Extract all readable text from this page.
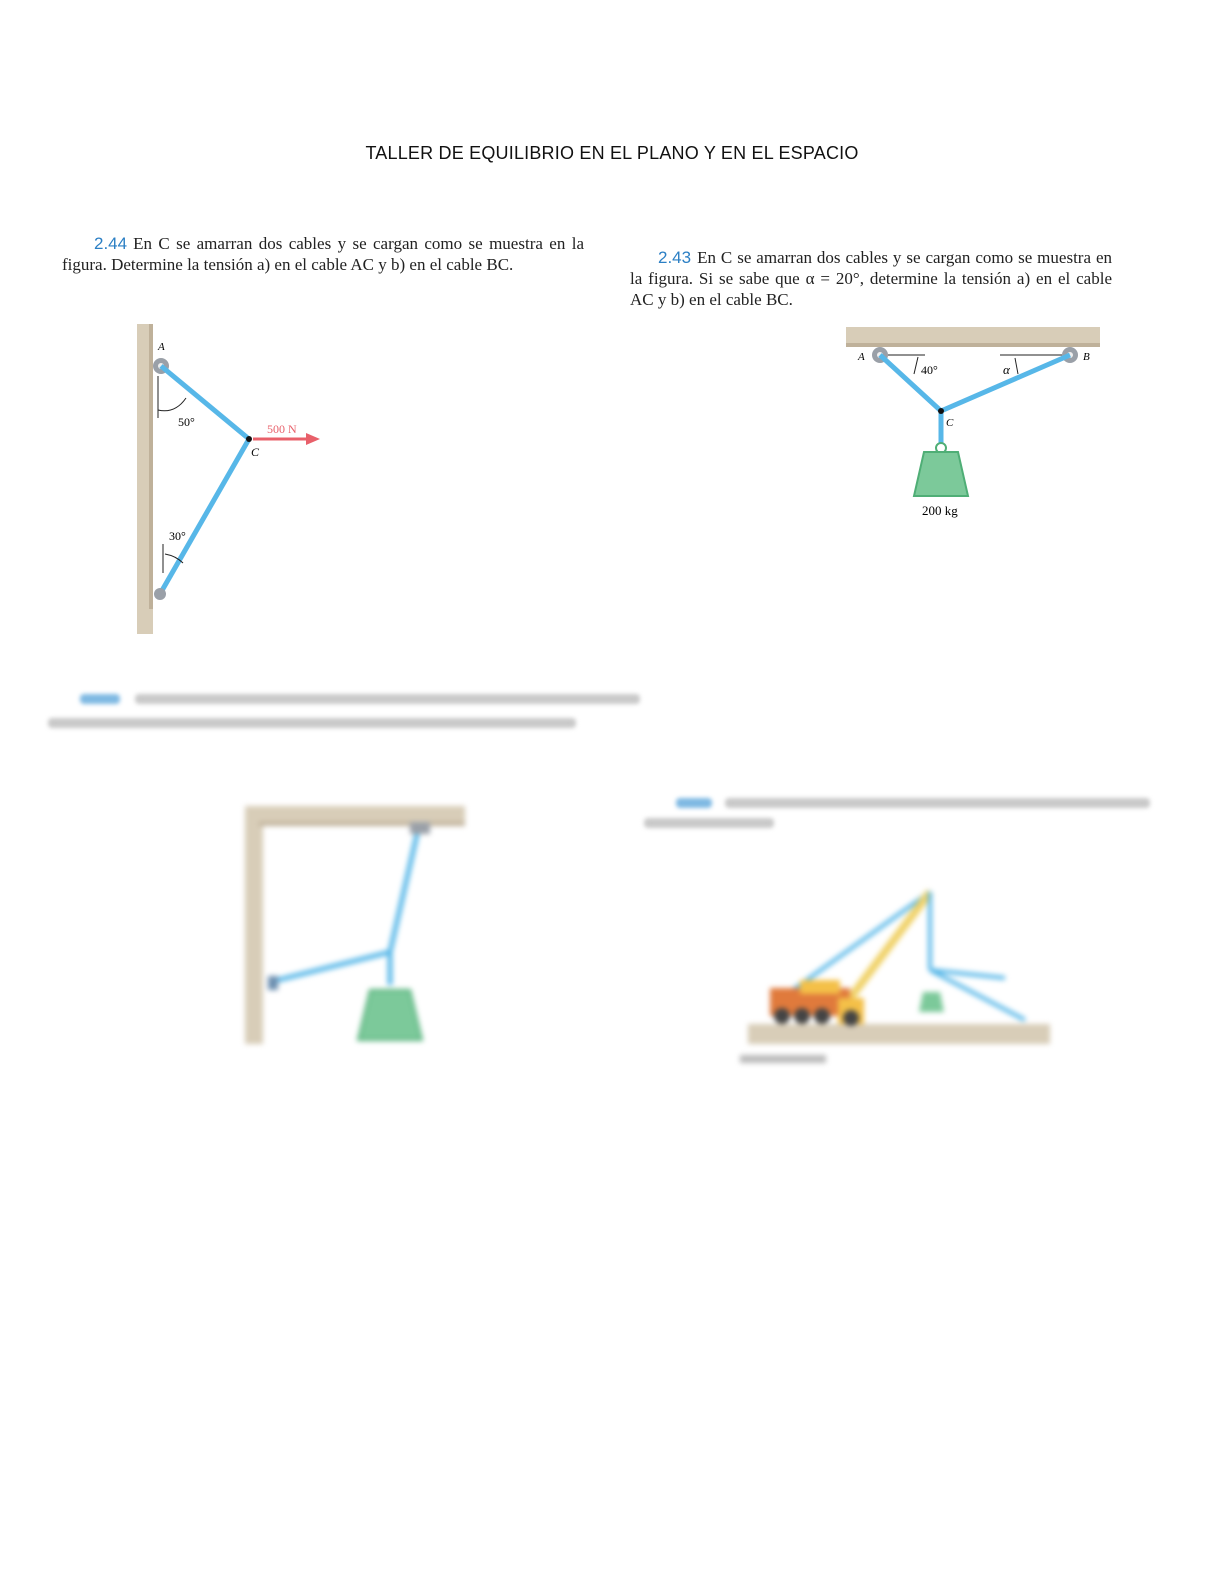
TALLER DE EQUILIBRIO EN EL PLANO Y EN EL ESPACIO
2.44 En C se amarran dos cables y se cargan como se muestra en la figura. Determine la tensión a) en el cable AC y b) en el cable BC.
A
50°	500 N
C
30°
2.43 En C se amarran dos cables y se cargan como se muestra en la figura. Si se sabe que α = 20°, determine la tensión a) en el cable AC y b) en el cable BC.
A	B
40°	α
C
200 kg
